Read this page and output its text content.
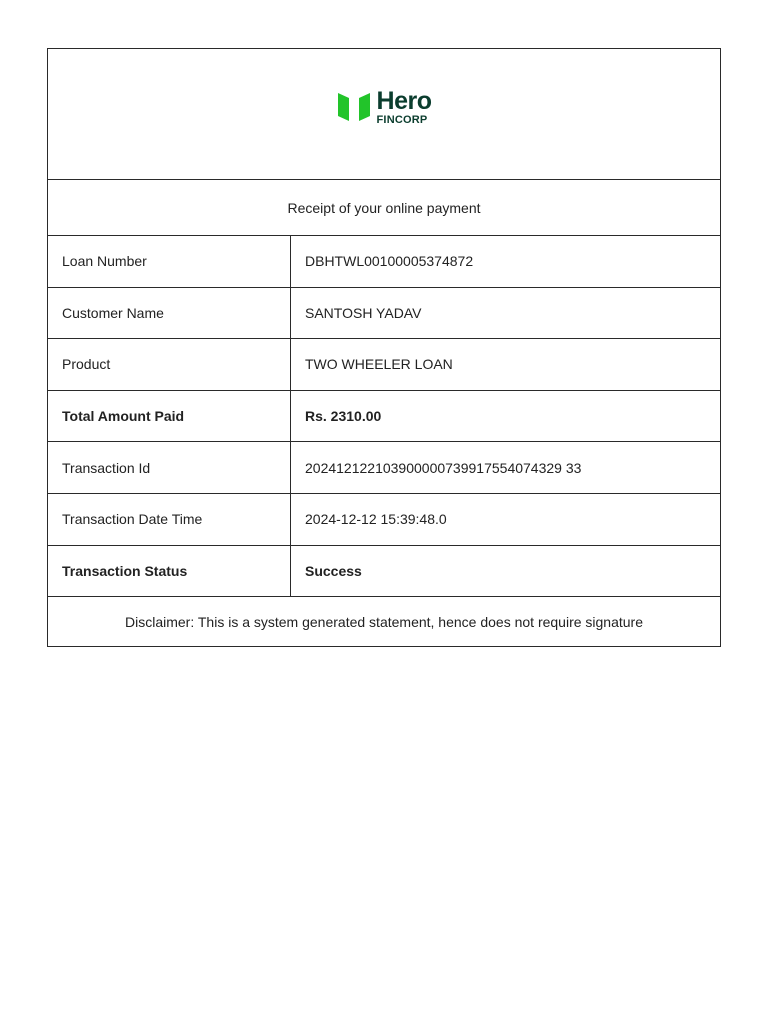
Hero
FINCORP
Receipt of your online payment
Loan Number	DBHTWL00100005374872
Customer Name	SANTOSH YADAV
Product	TWO WHEELER LOAN
Total Amount Paid	Rs. 2310.00
Transaction Id	202412122103900000739917554074329 33
Transaction Date Time	2024-12-12 15:39:48.0
Transaction Status	Success
Disclaimer: This is a system generated statement, hence does not require signature
